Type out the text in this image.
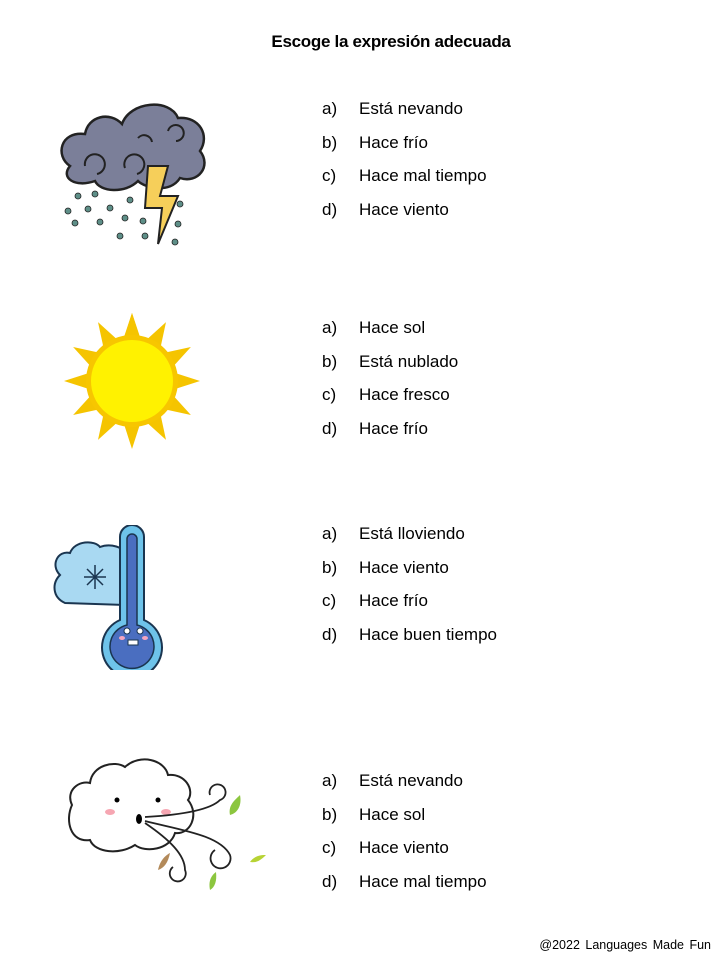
Escoge la expresión adecuada
a) Está nevando
b) Hace frío
c) Hace mal tiempo
d) Hace viento
a) Hace sol
b) Está nublado
c) Hace fresco
d) Hace frío
a) Está lloviendo
b) Hace viento
c) Hace frío
d) Hace buen tiempo
a) Está nevando
b) Hace sol
c) Hace viento
d) Hace mal tiempo
@2022 Languages Made Fun
